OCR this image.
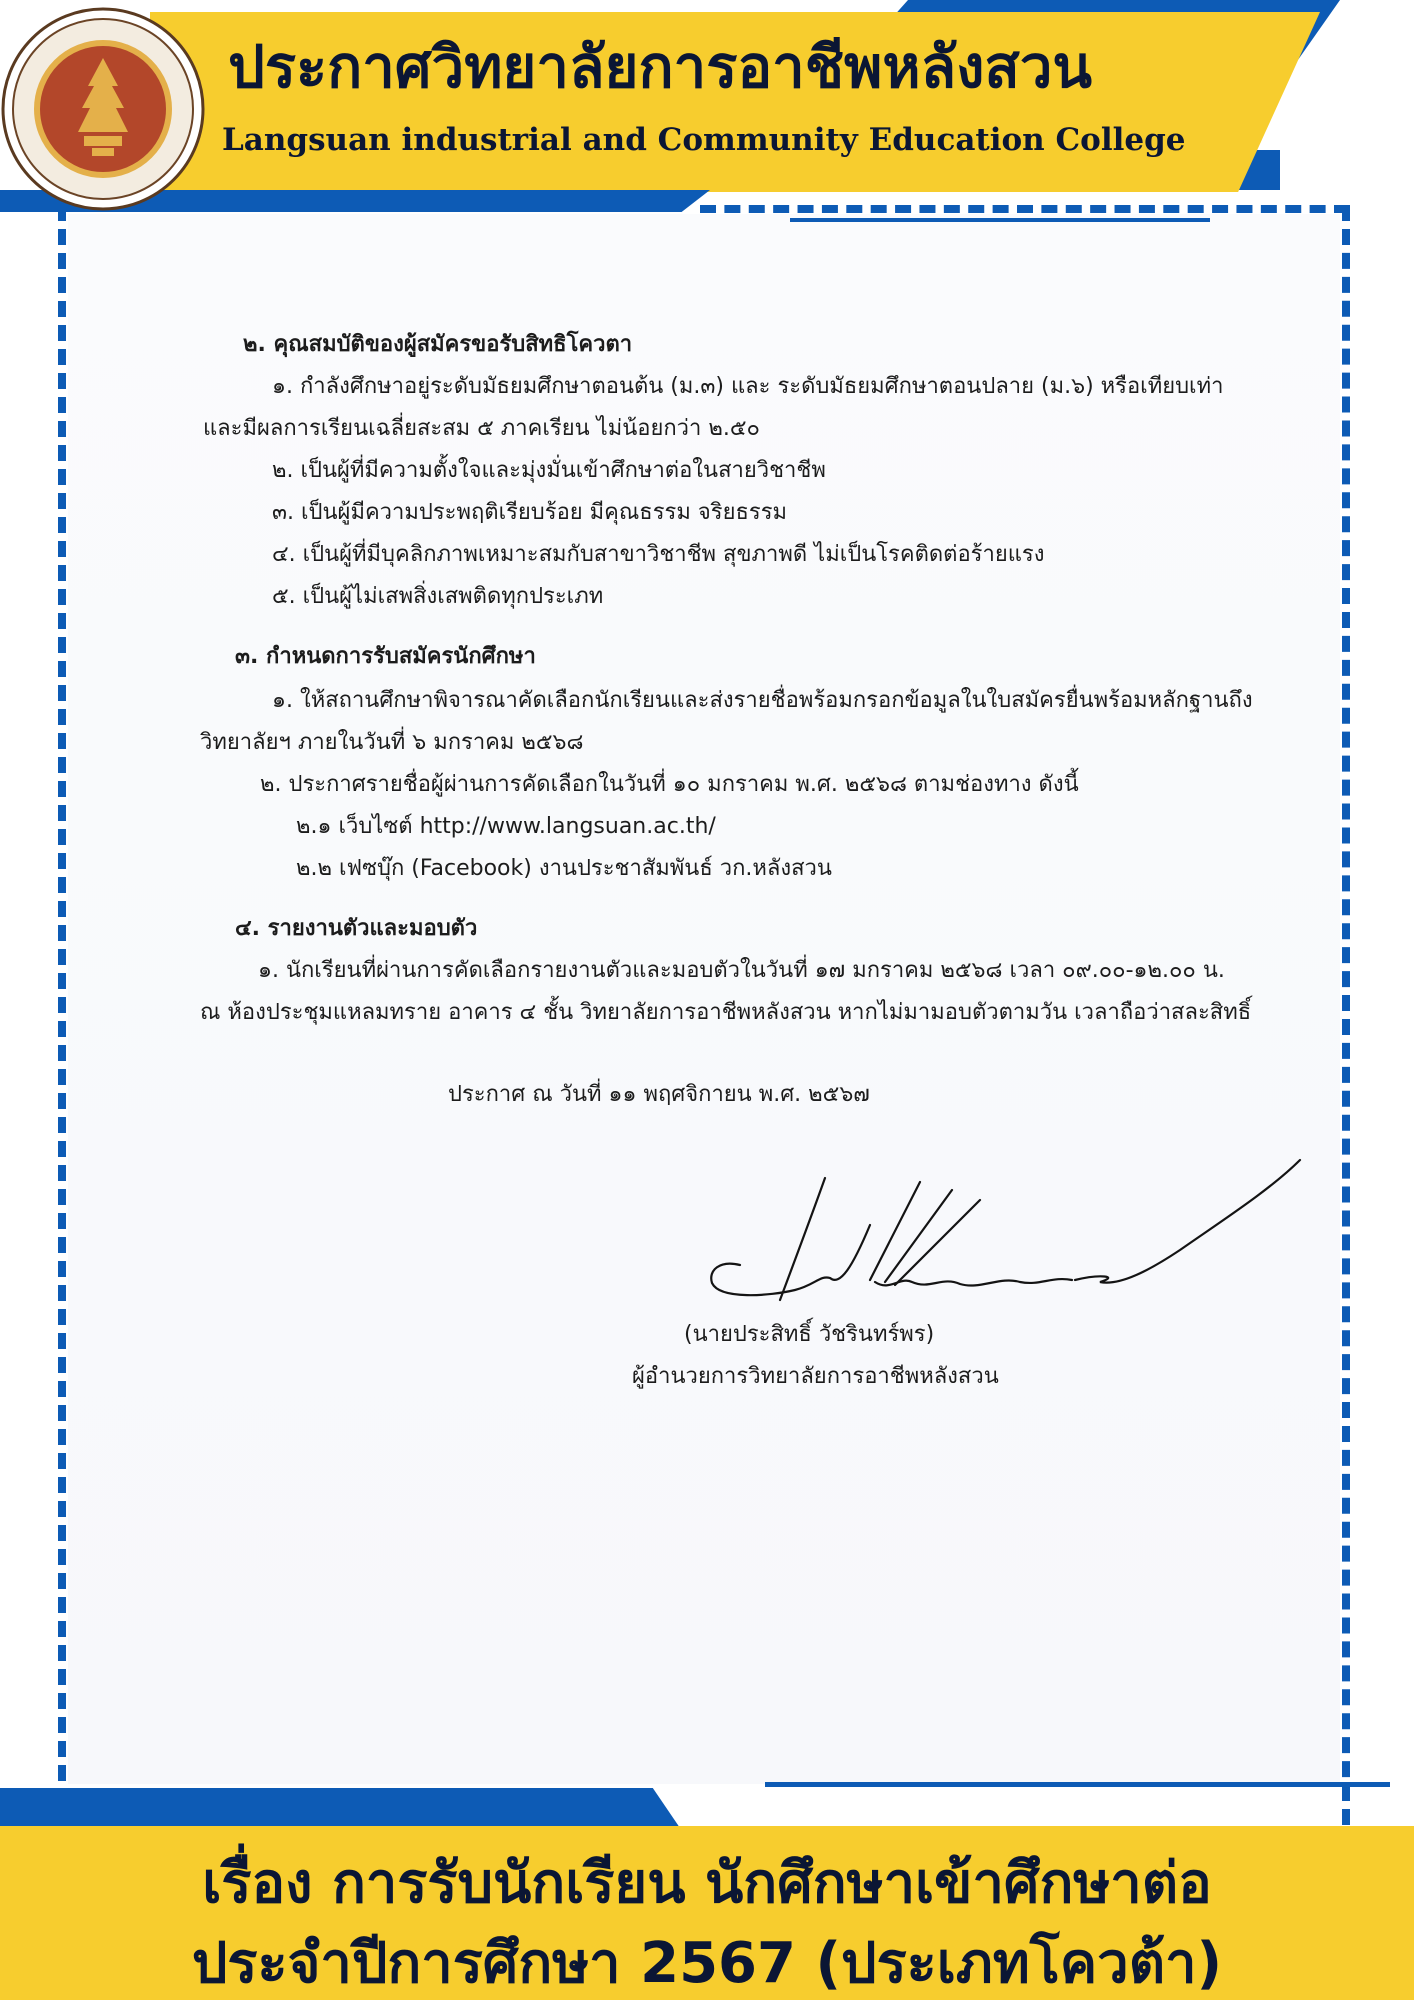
ประกาศวิทยาลัยการอาชีพหลังสวน
Langsuan industrial and Community Education College
๒. คุณสมบัติของผู้สมัครขอรับสิทธิโควตา
๑. กำลังศึกษาอยู่ระดับมัธยมศึกษาตอนต้น (ม.๓) และ ระดับมัธยมศึกษาตอนปลาย (ม.๖) หรือเทียบเท่า
และมีผลการเรียนเฉลี่ยสะสม ๕ ภาคเรียน ไม่น้อยกว่า ๒.๕๐
๒. เป็นผู้ที่มีความตั้งใจและมุ่งมั่นเข้าศึกษาต่อในสายวิชาชีพ
๓. เป็นผู้มีความประพฤติเรียบร้อย มีคุณธรรม จริยธรรม
๔. เป็นผู้ที่มีบุคลิกภาพเหมาะสมกับสาขาวิชาชีพ สุขภาพดี ไม่เป็นโรคติดต่อร้ายแรง
๕. เป็นผู้ไม่เสพสิ่งเสพติดทุกประเภท
๓. กำหนดการรับสมัครนักศึกษา
๑. ให้สถานศึกษาพิจารณาคัดเลือกนักเรียนและส่งรายชื่อพร้อมกรอกข้อมูลในใบสมัครยื่นพร้อมหลักฐานถึง
วิทยาลัยฯ ภายในวันที่ ๖ มกราคม ๒๕๖๘
๒. ประกาศรายชื่อผู้ผ่านการคัดเลือกในวันที่ ๑๐ มกราคม พ.ศ. ๒๕๖๘ ตามช่องทาง ดังนี้
๒.๑ เว็บไซต์ http://www.langsuan.ac.th/
๒.๒ เฟซบุ๊ก (Facebook) งานประชาสัมพันธ์ วก.หลังสวน
๔. รายงานตัวและมอบตัว
๑. นักเรียนที่ผ่านการคัดเลือกรายงานตัวและมอบตัวในวันที่ ๑๗ มกราคม ๒๕๖๘ เวลา ๐๙.๐๐-๑๒.๐๐ น.
ณ ห้องประชุมแหลมทราย อาคาร ๔ ชั้น วิทยาลัยการอาชีพหลังสวน หากไม่มามอบตัวตามวัน เวลาถือว่าสละสิทธิ์
ประกาศ ณ วันที่ ๑๑ พฤศจิกายน พ.ศ. ๒๕๖๗
(นายประสิทธิ์ วัชรินทร์พร)
ผู้อำนวยการวิทยาลัยการอาชีพหลังสวน
เรื่อง การรับนักเรียน นักศึกษาเข้าศึกษาต่อ
ประจำปีการศึกษา 2567 (ประเภทโควต้า)
